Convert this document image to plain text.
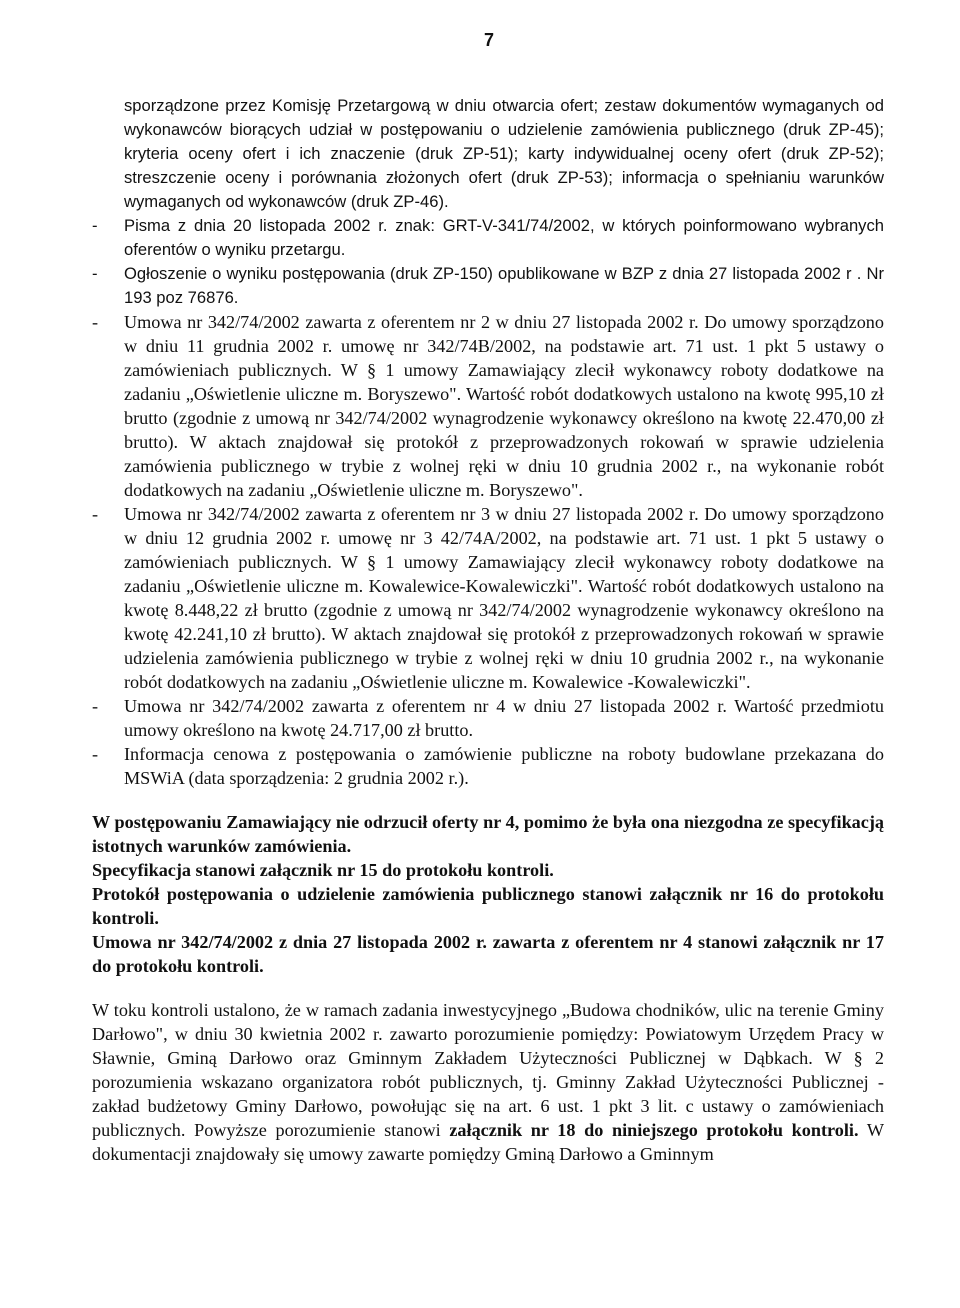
7

sporządzone przez Komisję Przetargową w dniu otwarcia ofert; zestaw dokumentów wymaganych od wykonawców biorących udział w postępowaniu o udzielenie zamówienia publicznego (druk ZP-45); kryteria oceny ofert i ich znaczenie (druk ZP-51); karty indywidualnej oceny ofert (druk ZP-52); streszczenie oceny i porównania złożonych ofert (druk ZP-53); informacja o spełnianiu warunków wymaganych od wykonawców (druk ZP-46).

- Pisma z dnia 20 listopada 2002 r. znak: GRT-V-341/74/2002, w których poinformowano wybranych oferentów o wyniku przetargu.
- Ogłoszenie o wyniku postępowania (druk ZP-150) opublikowane w BZP z dnia 27 listopada 2002 r . Nr 193 poz 76876.
- Umowa nr 342/74/2002 zawarta z oferentem nr 2 w dniu 27 listopada 2002 r. Do umowy sporządzono w dniu 11 grudnia 2002 r. umowę nr 342/74B/2002, na podstawie art. 71 ust. 1 pkt 5 ustawy o zamówieniach publicznych. W § 1 umowy Zamawiający zlecił wykonawcy roboty dodatkowe na zadaniu „Oświetlenie uliczne m. Boryszewo". Wartość robót dodatkowych ustalono na kwotę 995,10 zł brutto (zgodnie z umową nr 342/74/2002 wynagrodzenie wykonawcy określono na kwotę 22.470,00 zł brutto). W aktach znajdował się protokół z przeprowadzonych rokowań w sprawie udzielenia zamówienia publicznego w trybie z wolnej ręki w dniu 10 grudnia 2002 r., na wykonanie robót dodatkowych na zadaniu „Oświetlenie uliczne m. Boryszewo".
- Umowa nr 342/74/2002 zawarta z oferentem nr 3 w dniu 27 listopada 2002 r. Do umowy sporządzono w dniu 12 grudnia 2002 r. umowę nr 3 42/74A/2002, na podstawie art. 71 ust. 1 pkt 5 ustawy o zamówieniach publicznych. W § 1 umowy Zamawiający zlecił wykonawcy roboty dodatkowe na zadaniu „Oświetlenie uliczne m. Kowalewice-Kowalewiczki". Wartość robót dodatkowych ustalono na kwotę 8.448,22 zł brutto (zgodnie z umową nr 342/74/2002 wynagrodzenie wykonawcy określono na kwotę 42.241,10 zł brutto). W aktach znajdował się protokół z przeprowadzonych rokowań w sprawie udzielenia zamówienia publicznego w trybie z wolnej ręki w dniu 10 grudnia 2002 r., na wykonanie robót dodatkowych na zadaniu „Oświetlenie uliczne m. Kowalewice -Kowalewiczki".
- Umowa nr 342/74/2002 zawarta z oferentem nr 4 w dniu 27 listopada 2002 r. Wartość przedmiotu umowy określono na kwotę 24.717,00 zł brutto.
- Informacja cenowa z postępowania o zamówienie publiczne na roboty budowlane przekazana do MSWiA (data sporządzenia: 2 grudnia 2002 r.).

W postępowaniu Zamawiający nie odrzucił oferty nr 4, pomimo że była ona niezgodna ze specyfikacją istotnych warunków zamówienia.

Specyfikacja stanowi załącznik nr 15 do protokołu kontroli.

Protokół postępowania o udzielenie zamówienia publicznego stanowi załącznik nr 16 do protokołu kontroli.

Umowa nr 342/74/2002 z dnia 27 listopada 2002 r. zawarta z oferentem nr 4 stanowi załącznik nr 17 do protokołu kontroli.

W toku kontroli ustalono, że w ramach zadania inwestycyjnego „Budowa chodników, ulic na terenie Gminy Darłowo", w dniu 30 kwietnia 2002 r. zawarto porozumienie pomiędzy: Powiatowym Urzędem Pracy w Sławnie, Gminą Darłowo oraz Gminnym Zakładem Użyteczności Publicznej w Dąbkach. W § 2 porozumienia wskazano organizatora robót publicznych, tj. Gminny Zakład Użyteczności Publicznej - zakład budżetowy Gminy Darłowo, powołując się na art. 6 ust. 1 pkt 3 lit. c ustawy o zamówieniach publicznych. Powyższe porozumienie stanowi załącznik nr 18 do niniejszego protokołu kontroli. W dokumentacji znajdowały się umowy zawarte pomiędzy Gminą Darłowo a Gminnym
